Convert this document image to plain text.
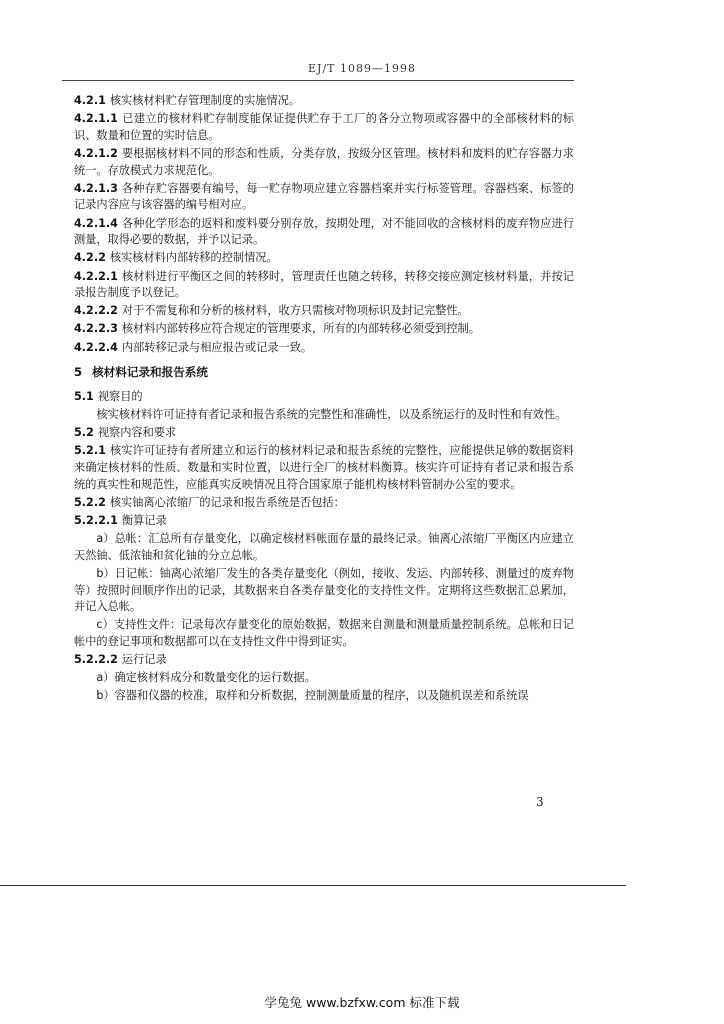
EJ/T 1089—1998
4.2.1 核实核材料贮存管理制度的实施情况。
4.2.1.1 已建立的核材料贮存制度能保证提供贮存于工厂的各分立物项或容器中的全部核材料的标识、数量和位置的实时信息。
4.2.1.2 要根据核材料不同的形态和性质，分类存放，按级分区管理。核材料和废料的贮存容器力求统一。存放模式力求规范化。
4.2.1.3 各种存贮容器要有编号，每一贮存物项应建立容器档案并实行标签管理。容器档案、标签的记录内容应与该容器的编号相对应。
4.2.1.4 各种化学形态的返料和废料要分别存放，按期处理，对不能回收的含核材料的废弃物应进行测量，取得必要的数据，并予以记录。
4.2.2 核实核材料内部转移的控制情况。
4.2.2.1 核材料进行平衡区之间的转移时，管理责任也随之转移，转移交接应测定核材料量，并按记录报告制度予以登记。
4.2.2.2 对于不需复称和分析的核材料，收方只需核对物项标识及封记完整性。
4.2.2.3 核材料内部转移应符合规定的管理要求，所有的内部转移必须受到控制。
4.2.2.4 内部转移记录与相应报告或记录一致。
5 核材料记录和报告系统
5.1 视察目的
核实核材料许可证持有者记录和报告系统的完整性和准确性，以及系统运行的及时性和有效性。
5.2 视察内容和要求
5.2.1 核实许可证持有者所建立和运行的核材料记录和报告系统的完整性，应能提供足够的数据资料来确定核材料的性质、数量和实时位置，以进行全厂的核材料衡算。核实许可证持有者记录和报告系统的真实性和规范性，应能真实反映情况且符合国家原子能机构核材料管制办公室的要求。
5.2.2 核实铀离心浓缩厂的记录和报告系统是否包括：
5.2.2.1 衡算记录
a）总帐：汇总所有存量变化，以确定核材料帐面存量的最终记录。铀离心浓缩厂平衡区内应建立天然铀、低浓铀和贫化铀的分立总帐。
b）日记帐：铀离心浓缩厂发生的各类存量变化（例如，接收、发运、内部转移、测量过的废弃物等）按照时间顺序作出的记录，其数据来自各类存量变化的支持性文件。定期将这些数据汇总累加，并记入总帐。
c）支持性文件：记录每次存量变化的原始数据，数据来自测量和测量质量控制系统。总帐和日记帐中的登记事项和数据都可以在支持性文件中得到证实。
5.2.2.2 运行记录
a）确定核材料成分和数量变化的运行数据。
b）容器和仪器的校准，取样和分析数据，控制测量质量的程序，以及随机误差和系统误
3
学兔兔 www.bzfxw.com 标准下载
